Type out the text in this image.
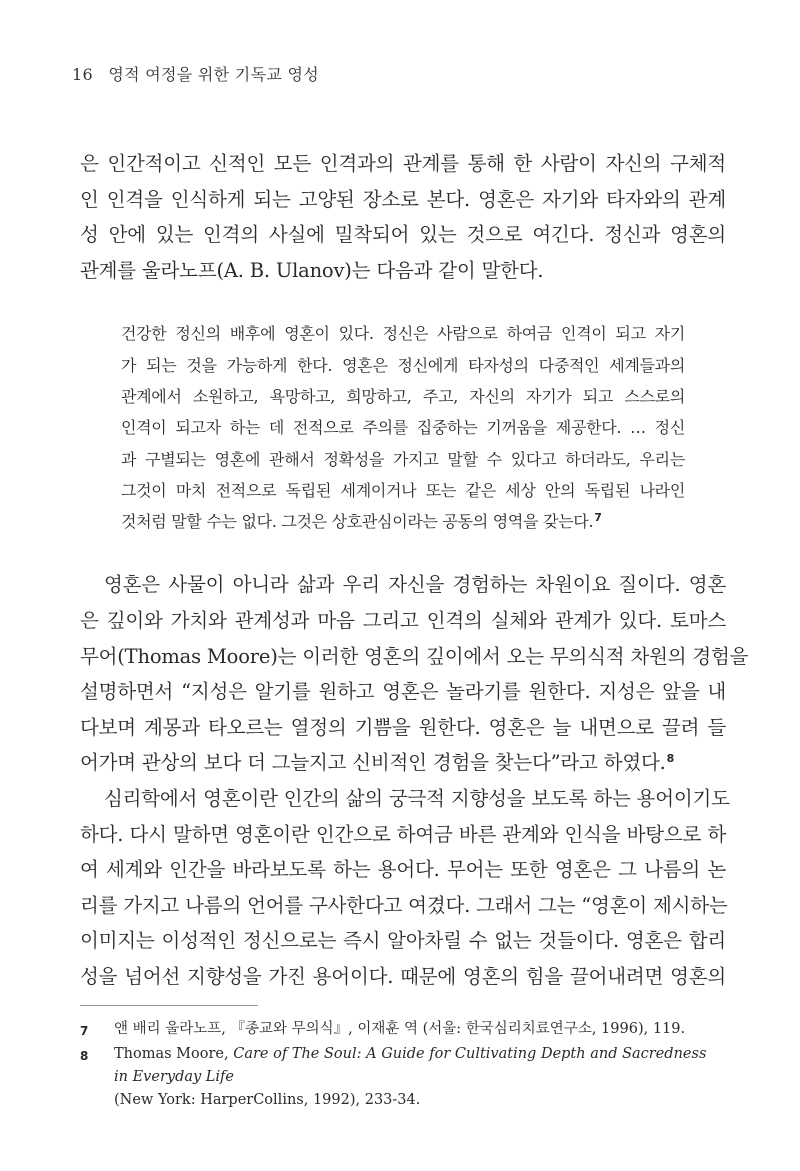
16 영적 여정을 위한 기독교 영성

은 인간적이고 신적인 모든 인격과의 관계를 통해 한 사람이 자신의 구체적
인 인격을 인식하게 되는 고양된 장소로 본다. 영혼은 자기와 타자와의 관계
성 안에 있는 인격의 사실에 밀착되어 있는 것으로 여긴다. 정신과 영혼의
관계를 울라노프(A. B. Ulanov)는 다음과 같이 말한다.

건강한 정신의 배후에 영혼이 있다. 정신은 사람으로 하여금 인격이 되고 자기
가 되는 것을 가능하게 한다. 영혼은 정신에게 타자성의 다중적인 세계들과의
관계에서 소원하고, 욕망하고, 희망하고, 주고, 자신의 자기가 되고 스스로의
인격이 되고자 하는 데 전적으로 주의를 집중하는 기꺼움을 제공한다. … 정신
과 구별되는 영혼에 관해서 정확성을 가지고 말할 수 있다고 하더라도, 우리는
그것이 마치 전적으로 독립된 세계이거나 또는 같은 세상 안의 독립된 나라인
것처럼 말할 수는 없다. 그것은 상호관심이라는 공동의 영역을 갖는다.$^7$

영혼은 사물이 아니라 삶과 우리 자신을 경험하는 차원이요 질이다. 영혼
은 깊이와 가치와 관계성과 마음 그리고 인격의 실체와 관계가 있다. 토마스
무어(Thomas Moore)는 이러한 영혼의 깊이에서 오는 무의식적 차원의 경험을
설명하면서 “지성은 알기를 원하고 영혼은 놀라기를 원한다. 지성은 앞을 내
다보며 계몽과 타오르는 열정의 기쁨을 원한다. 영혼은 늘 내면으로 끌려 들
어가며 관상의 보다 더 그늘지고 신비적인 경험을 찾는다”라고 하였다.$^8$

심리학에서 영혼이란 인간의 삶의 궁극적 지향성을 보도록 하는 용어이기도
하다. 다시 말하면 영혼이란 인간으로 하여금 바른 관계와 인식을 바탕으로 하
여 세계와 인간을 바라보도록 하는 용어다. 무어는 또한 영혼은 그 나름의 논
리를 가지고 나름의 언어를 구사한다고 여겼다. 그래서 그는 “영혼이 제시하는
이미지는 이성적인 정신으로는 즉시 알아차릴 수 없는 것들이다. 영혼은 합리
성을 넘어선 지향성을 가진 용어이다. 때문에 영혼의 힘을 끌어내려면 영혼의

7	앤 배리 울라노프, 『종교와 무의식』, 이재훈 역 (서울: 한국심리치료연구소, 1996), 119.
8	Thomas Moore, Care of The Soul: A Guide for Cultivating Depth and Sacredness in Everyday Life
(New York: HarperCollins, 1992), 233-34.
